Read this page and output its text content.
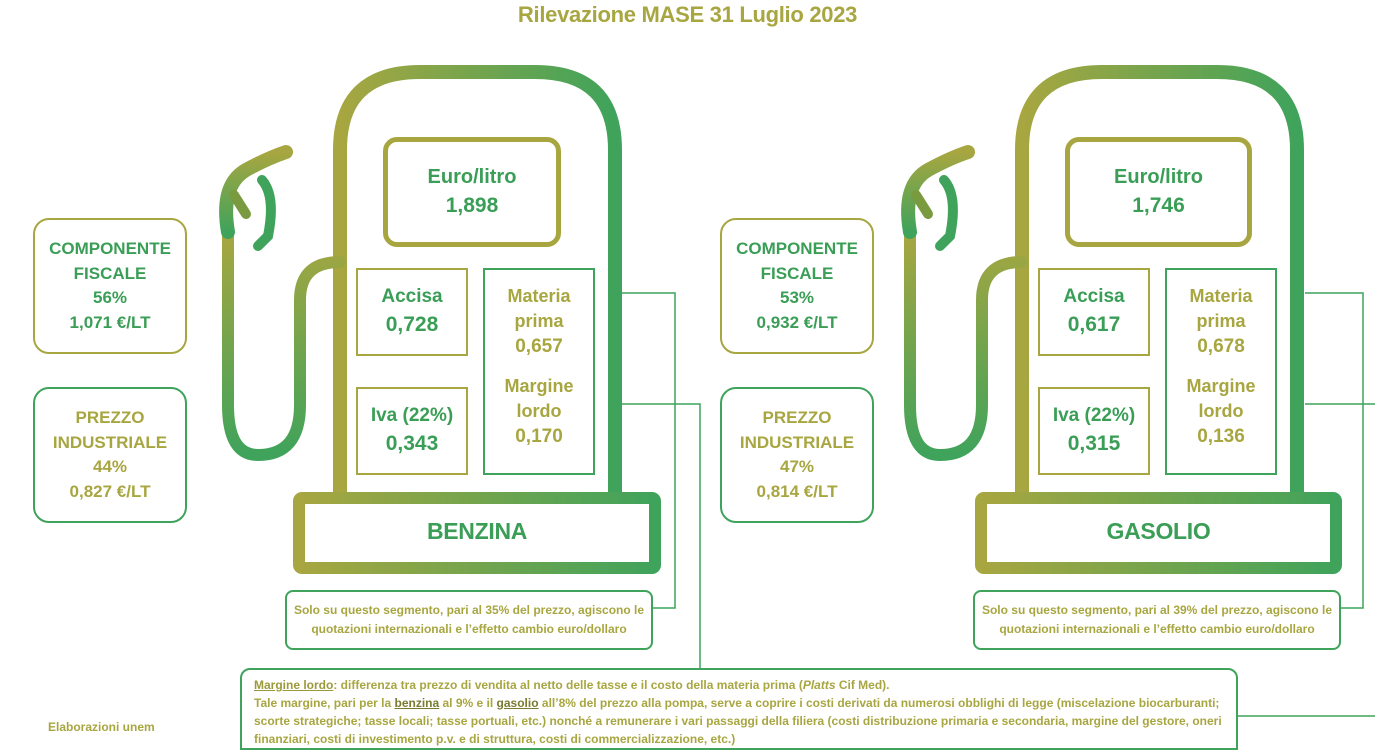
Rilevazione MASE 31 Luglio 2023
COMPONENTE
FISCALE
56%
1,071 €/LT
PREZZO
INDUSTRIALE
44%
0,827 €/LT
Euro/litro
1,898
Accisa
0,728
Iva (22%)
0,343
Materia
prima
0,657
Margine
lordo
0,170
BENZINA
Solo su questo segmento, pari al 35% del prezzo, agiscono le
quotazioni internazionali e l’effetto cambio euro/dollaro
COMPONENTE
FISCALE
53%
0,932 €/LT
PREZZO
INDUSTRIALE
47%
0,814 €/LT
Euro/litro
1,746
Accisa
0,617
Iva (22%)
0,315
Materia
prima
0,678
Margine
lordo
0,136
GASOLIO
Solo su questo segmento, pari al 39% del prezzo, agiscono le
quotazioni internazionali e l’effetto cambio euro/dollaro
Margine lordo: differenza tra prezzo di vendita al netto delle tasse e il costo della materia prima (Platts Cif Med).
Tale margine, pari per la benzina al 9% e il gasolio all’8% del prezzo alla pompa, serve a coprire i costi derivati da numerosi obblighi di legge (miscelazione biocarburanti;
scorte strategiche; tasse locali; tasse portuali, etc.) nonché a remunerare i vari passaggi della filiera (costi distribuzione primaria e secondaria, margine del gestore, oneri
finanziari, costi di investimento p.v. e di struttura, costi di commercializzazione, etc.)
Elaborazioni unem
